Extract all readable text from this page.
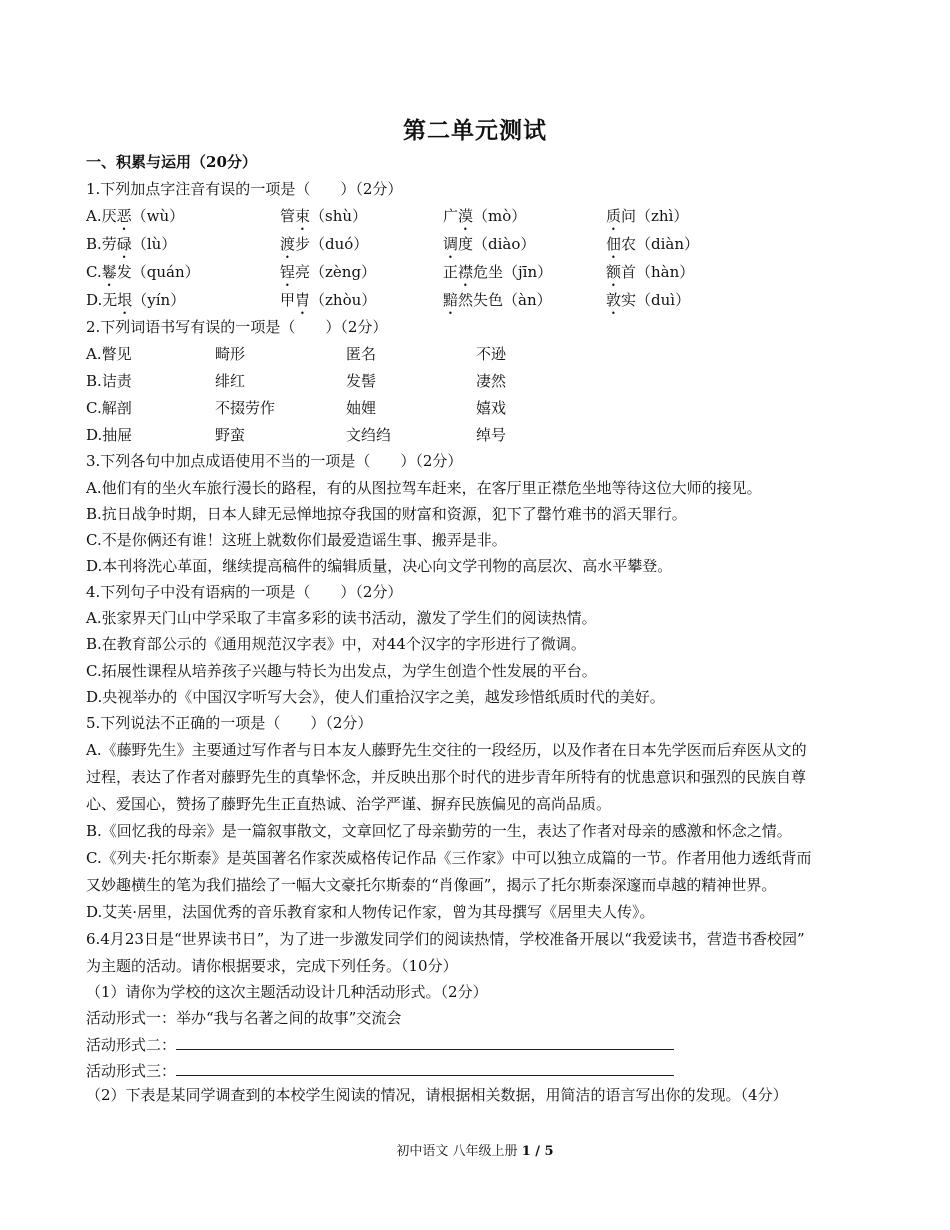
第二单元测试
一、积累与运用（20分）
1.下列加点字注音有误的一项是（　　）（2分）
A.厌恶（wù）	管束（shù）	广漠（mò）	质问（zhì）
B.劳碌（lù）	渡步（duó）	调度（diào）	佃农（diàn）
C.鬈发（quán）	锃亮（zèng）	正襟危坐（jīn）	额首（hàn）
D.无垠（yín）	甲胄（zhòu）	黯然失色（àn）	敦实（duì）
2.下列词语书写有误的一项是（　　）（2分）
A.瞥见	畸形	匿名	不逊
B.诘责	绯红	发髻	凄然
C.解剖	不掇劳作	妯娌	嬉戏
D.抽屉	野蛮	文绉绉	绰号
3.下列各句中加点成语使用不当的一项是（　　）（2分）
A.他们有的坐火车旅行漫长的路程，有的从图拉驾车赶来，在客厅里正襟危坐地等待这位大师的接见。
B.抗日战争时期，日本人肆无忌惮地掠夺我国的财富和资源，犯下了罄竹难书的滔天罪行。
C.不是你俩还有谁！这班上就数你们最爱造谣生事、搬弄是非。
D.本刊将洗心革面，继续提高稿件的编辑质量，决心向文学刊物的高层次、高水平攀登。
4.下列句子中没有语病的一项是（　　）（2分）
A.张家界天门山中学采取了丰富多彩的读书活动，激发了学生们的阅读热情。
B.在教育部公示的《通用规范汉字表》中，对44个汉字的字形进行了微调。
C.拓展性课程从培养孩子兴趣与特长为出发点，为学生创造个性发展的平台。
D.央视举办的《中国汉字听写大会》，使人们重拾汉字之美，越发珍惜纸质时代的美好。
5.下列说法不正确的一项是（　　）（2分）
A.《藤野先生》主要通过写作者与日本友人藤野先生交往的一段经历，以及作者在日本先学医而后弃医从文的
过程，表达了作者对藤野先生的真挚怀念，并反映出那个时代的进步青年所特有的忧患意识和强烈的民族自尊
心、爱国心，赞扬了藤野先生正直热诚、治学严谨、摒弃民族偏见的高尚品质。
B.《回忆我的母亲》是一篇叙事散文，文章回忆了母亲勤劳的一生，表达了作者对母亲的感激和怀念之情。
C.《列夫·托尔斯泰》是英国著名作家茨威格传记作品《三作家》中可以独立成篇的一节。作者用他力透纸背而
又妙趣横生的笔为我们描绘了一幅大文豪托尔斯泰的“肖像画”，揭示了托尔斯泰深邃而卓越的精神世界。
D.艾芙·居里，法国优秀的音乐教育家和人物传记作家，曾为其母撰写《居里夫人传》。
6.4月23日是“世界读书日”，为了进一步激发同学们的阅读热情，学校准备开展以“我爱读书，营造书香校园”
为主题的活动。请你根据要求，完成下列任务。（10分）
（1）请你为学校的这次主题活动设计几种活动形式。（2分）
活动形式一：举办“我与名著之间的故事”交流会
活动形式二：
活动形式三：
（2）下表是某同学调查到的本校学生阅读的情况，请根据相关数据，用简洁的语言写出你的发现。（4分）
初中语文 八年级上册 1 / 5
